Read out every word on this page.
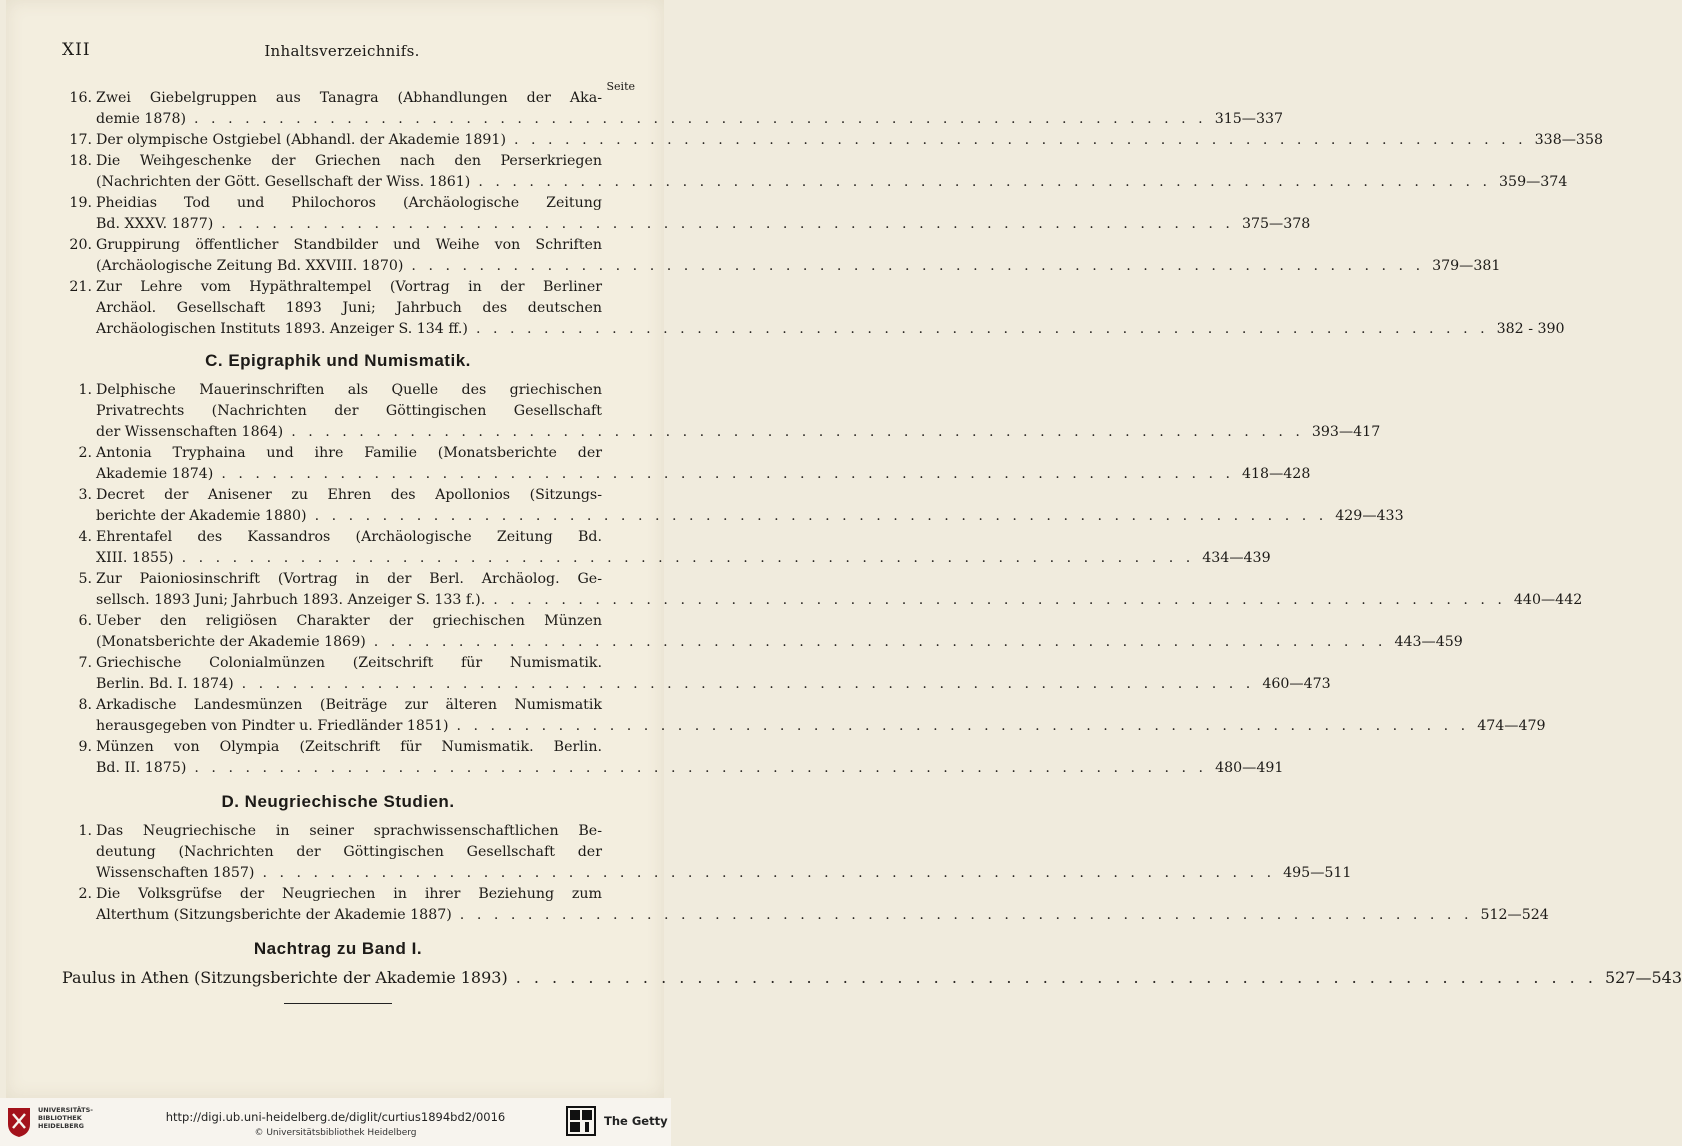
XII	Inhaltsverzeichnifs.
Seite
16. Zwei Giebelgruppen aus Tanagra (Abhandlungen der Aka-
demie 1878) . . . . . . . . . . . . . . . . . . . . . . . . . . . . . . . . . . . . . . . . . . . . . . . . . . . . . . . . . . . . 315—337
17. Der olympische Ostgiebel (Abhandl. der Akademie 1891) . . . . . . . . . . . . . . . . . . . . . . . . . . . . . . . . . . . . . . . . . . . . . . . . . . . . . . . . . . . . 338—358
18. Die Weihgeschenke der Griechen nach den Perserkriegen
(Nachrichten der Gött. Gesellschaft der Wiss. 1861) . . . . . . . . . . . . . . . . . . . . . . . . . . . . . . . . . . . . . . . . . . . . . . . . . . . . . . . . . . . . 359—374
19. Pheidias Tod und Philochoros (Archäologische Zeitung
Bd. XXXV. 1877) . . . . . . . . . . . . . . . . . . . . . . . . . . . . . . . . . . . . . . . . . . . . . . . . . . . . . . . . . . . . 375—378
20. Gruppirung öffentlicher Standbilder und Weihe von Schriften
(Archäologische Zeitung Bd. XXVIII. 1870) . . . . . . . . . . . . . . . . . . . . . . . . . . . . . . . . . . . . . . . . . . . . . . . . . . . . . . . . . . . . 379—381
21. Zur Lehre vom Hypäthraltempel (Vortrag in der Berliner
Archäol. Gesellschaft 1893 Juni; Jahrbuch des deutschen
Archäologischen Instituts 1893. Anzeiger S. 134 ff.) . . . . . . . . . . . . . . . . . . . . . . . . . . . . . . . . . . . . . . . . . . . . . . . . . . . . . . . . . . . . 382 - 390
C. Epigraphik und Numismatik.
1. Delphische Mauerinschriften als Quelle des griechischen
Privatrechts (Nachrichten der Göttingischen Gesellschaft
der Wissenschaften 1864) . . . . . . . . . . . . . . . . . . . . . . . . . . . . . . . . . . . . . . . . . . . . . . . . . . . . . . . . . . . . 393—417
2. Antonia Tryphaina und ihre Familie (Monatsberichte der
Akademie 1874) . . . . . . . . . . . . . . . . . . . . . . . . . . . . . . . . . . . . . . . . . . . . . . . . . . . . . . . . . . . . 418—428
3. Decret der Anisener zu Ehren des Apollonios (Sitzungs-
berichte der Akademie 1880) . . . . . . . . . . . . . . . . . . . . . . . . . . . . . . . . . . . . . . . . . . . . . . . . . . . . . . . . . . . . 429—433
4. Ehrentafel des Kassandros (Archäologische Zeitung Bd.
XIII. 1855) . . . . . . . . . . . . . . . . . . . . . . . . . . . . . . . . . . . . . . . . . . . . . . . . . . . . . . . . . . . . 434—439
5. Zur Paioniosinschrift (Vortrag in der Berl. Archäolog. Ge-
sellsch. 1893 Juni; Jahrbuch 1893. Anzeiger S. 133 f.). . . . . . . . . . . . . . . . . . . . . . . . . . . . . . . . . . . . . . . . . . . . . . . . . . . . . . . . . . . . . 440—442
6. Ueber den religiösen Charakter der griechischen Münzen
(Monatsberichte der Akademie 1869) . . . . . . . . . . . . . . . . . . . . . . . . . . . . . . . . . . . . . . . . . . . . . . . . . . . . . . . . . . . . 443—459
7. Griechische Colonialmünzen (Zeitschrift für Numismatik.
Berlin. Bd. I. 1874) . . . . . . . . . . . . . . . . . . . . . . . . . . . . . . . . . . . . . . . . . . . . . . . . . . . . . . . . . . . . 460—473
8. Arkadische Landesmünzen (Beiträge zur älteren Numismatik
herausgegeben von Pindter u. Friedländer 1851) . . . . . . . . . . . . . . . . . . . . . . . . . . . . . . . . . . . . . . . . . . . . . . . . . . . . . . . . . . . . 474—479
9. Münzen von Olympia (Zeitschrift für Numismatik. Berlin.
Bd. II. 1875) . . . . . . . . . . . . . . . . . . . . . . . . . . . . . . . . . . . . . . . . . . . . . . . . . . . . . . . . . . . . 480—491
D. Neugriechische Studien.
1. Das Neugriechische in seiner sprachwissenschaftlichen Be-
deutung (Nachrichten der Göttingischen Gesellschaft der
Wissenschaften 1857) . . . . . . . . . . . . . . . . . . . . . . . . . . . . . . . . . . . . . . . . . . . . . . . . . . . . . . . . . . . . 495—511
2. Die Volksgrüfse der Neugriechen in ihrer Beziehung zum
Alterthum (Sitzungsberichte der Akademie 1887) . . . . . . . . . . . . . . . . . . . . . . . . . . . . . . . . . . . . . . . . . . . . . . . . . . . . . . . . . . . . 512—524
Nachtrag zu Band I.
Paulus in Athen (Sitzungsberichte der Akademie 1893) . . . . . . . . . . . . . . . . . . . . . . . . . . . . . . . . . . . . . . . . . . . . . . . . . . . . . . . . . . . . 527—543
UNIVERSITÄTS-
BIBLIOTHEK
HEIDELBERG
http://digi.ub.uni-heidelberg.de/diglit/curtius1894bd2/0016
© Universitätsbibliothek Heidelberg
The Getty
